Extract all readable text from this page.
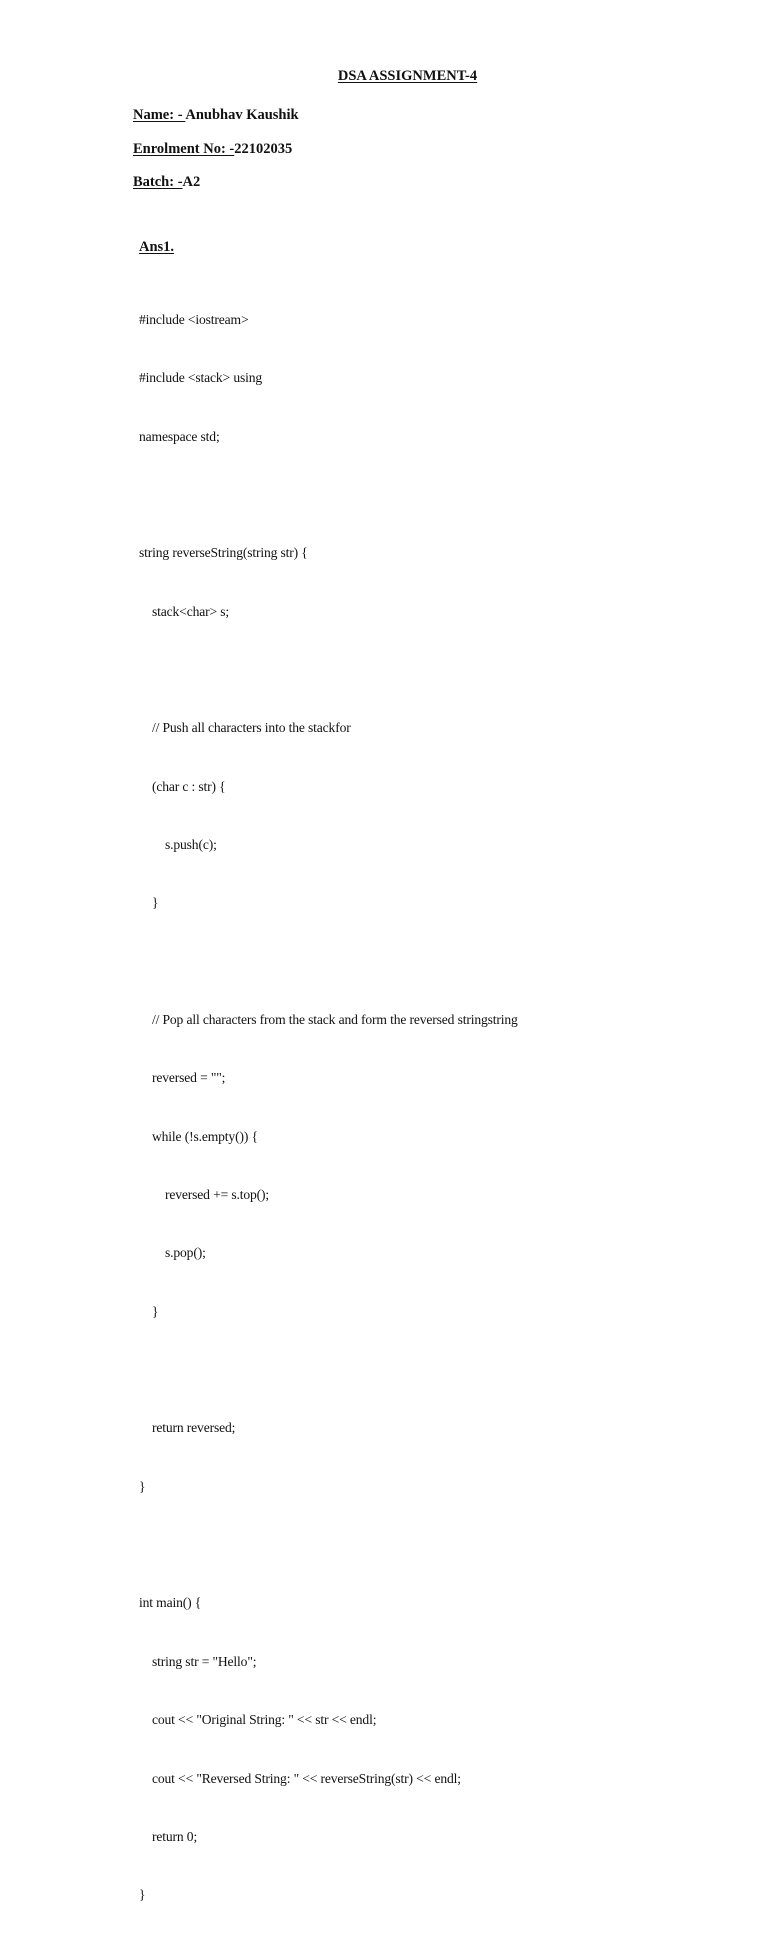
DSA ASSIGNMENT-4
Name: - Anubhav Kaushik
Enrolment No: -22102035
Batch: -A2
Ans1.

#include <iostream>

#include <stack> using

namespace std;

string reverseString(string str) {

stack<char> s;

// Push all characters into the stackfor

(char c : str) {

s.push(c);

}

// Pop all characters from the stack and form the reversed stringstring

reversed = "";

while (!s.empty()) {

reversed += s.top();

s.pop();

}

return reversed;

}

int main() {

string str = "Hello";

cout << "Original String: " << str << endl;

cout << "Reversed String: " << reverseString(str) << endl;

return 0;

}
